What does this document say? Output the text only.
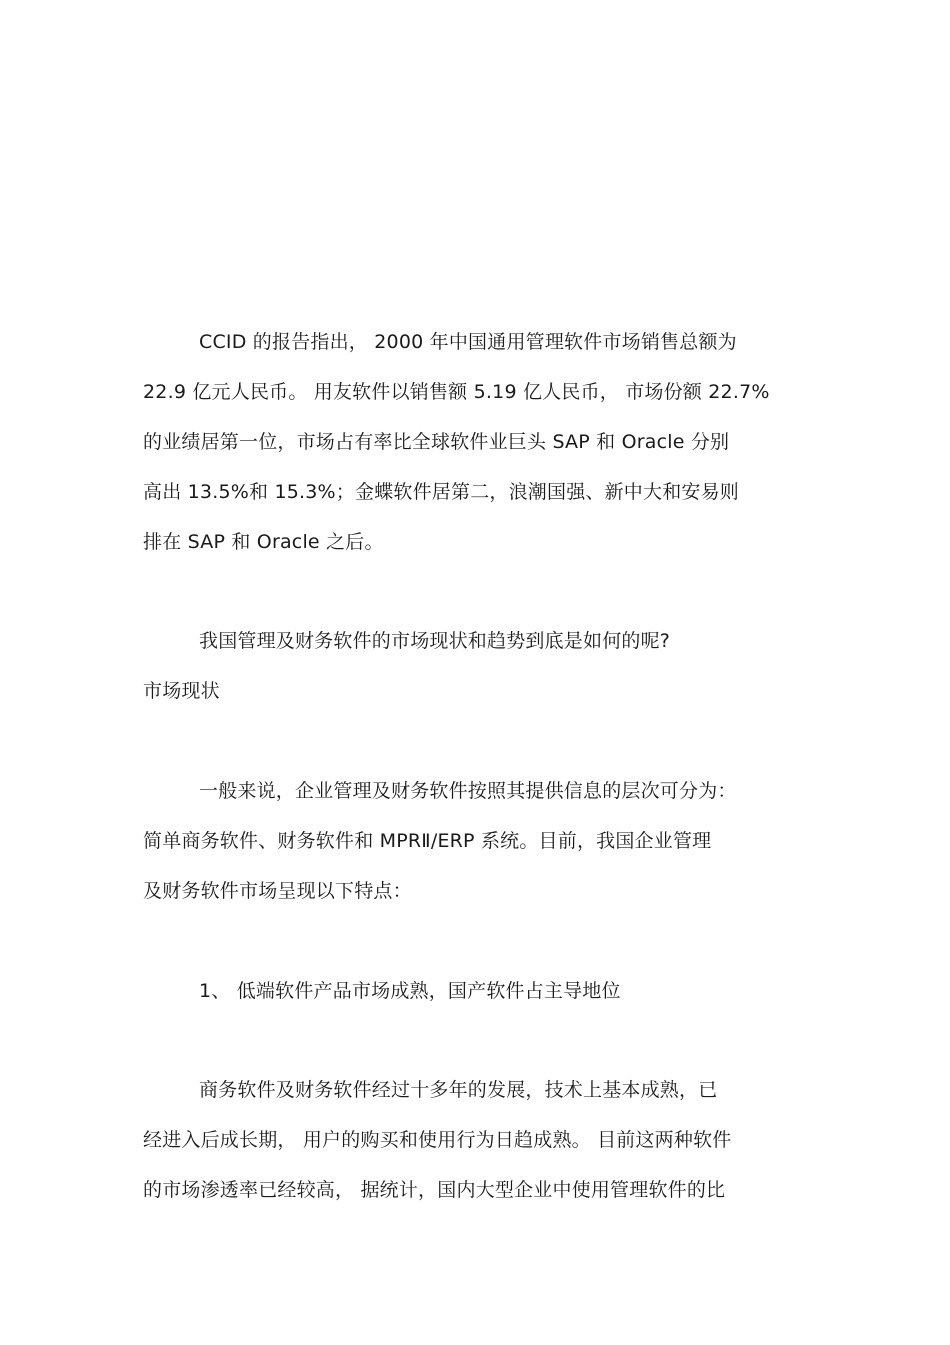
CCID 的报告指出， 2000 年中国通用管理软件市场销售总额为
22.9 亿元人民币。 用友软件以销售额 5.19 亿人民币， 市场份额 22.7%
的业绩居第一位，市场占有率比全球软件业巨头 SAP 和 Oracle 分别
高出 13.5%和 15.3%；金蝶软件居第二，浪潮国强、新中大和安易则
排在 SAP 和 Oracle 之后。
我国管理及财务软件的市场现状和趋势到底是如何的呢?
市场现状
一般来说，企业管理及财务软件按照其提供信息的层次可分为：
简单商务软件、财务软件和 MPRⅡ/ERP 系统。目前，我国企业管理
及财务软件市场呈现以下特点：
1、 低端软件产品市场成熟，国产软件占主导地位
商务软件及财务软件经过十多年的发展，技术上基本成熟，已
经进入后成长期， 用户的购买和使用行为日趋成熟。 目前这两种软件
的市场渗透率已经较高， 据统计，国内大型企业中使用管理软件的比
